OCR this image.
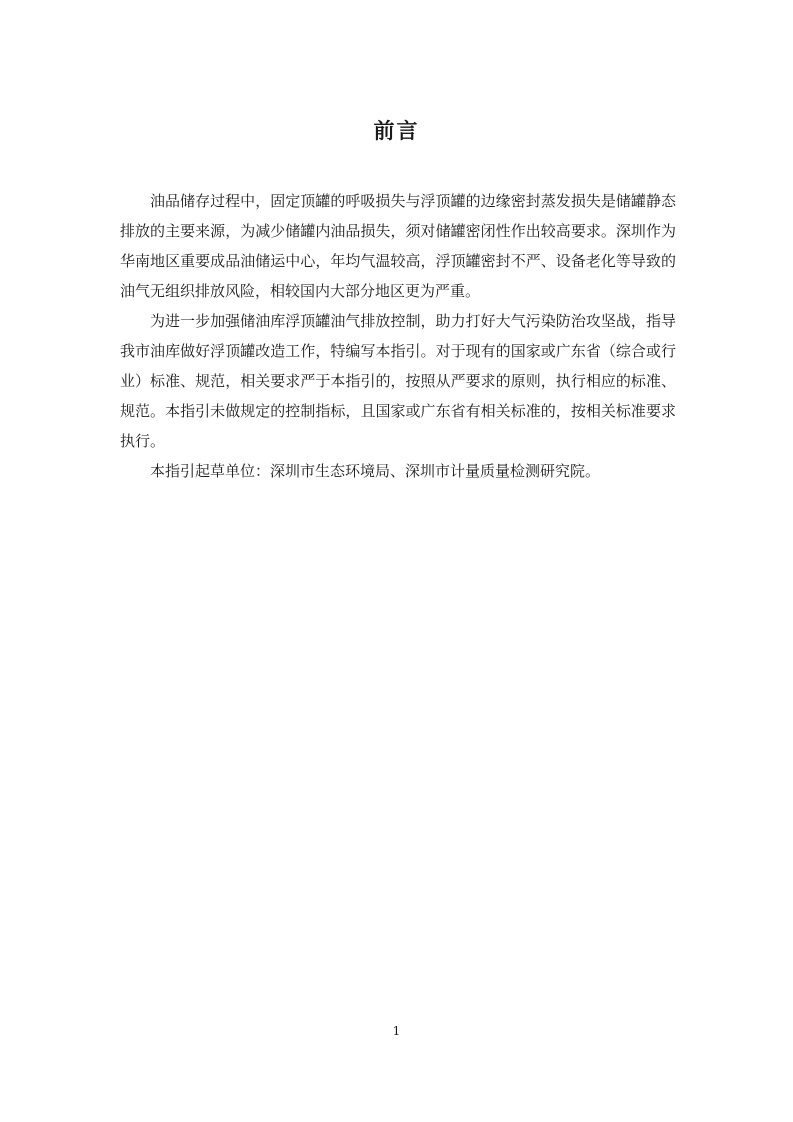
前言

油品储存过程中，固定顶罐的呼吸损失与浮顶罐的边缘密封蒸发损失是储罐静态排放的主要来源，为减少储罐内油品损失，须对储罐密闭性作出较高要求。深圳作为华南地区重要成品油储运中心，年均气温较高，浮顶罐密封不严、设备老化等导致的油气无组织排放风险，相较国内大部分地区更为严重。

为进一步加强储油库浮顶罐油气排放控制，助力打好大气污染防治攻坚战，指导我市油库做好浮顶罐改造工作，特编写本指引。对于现有的国家或广东省（综合或行业）标准、规范，相关要求严于本指引的，按照从严要求的原则，执行相应的标准、规范。本指引未做规定的控制指标，且国家或广东省有相关标准的，按相关标准要求执行。

本指引起草单位：深圳市生态环境局、深圳市计量质量检测研究院。

1
